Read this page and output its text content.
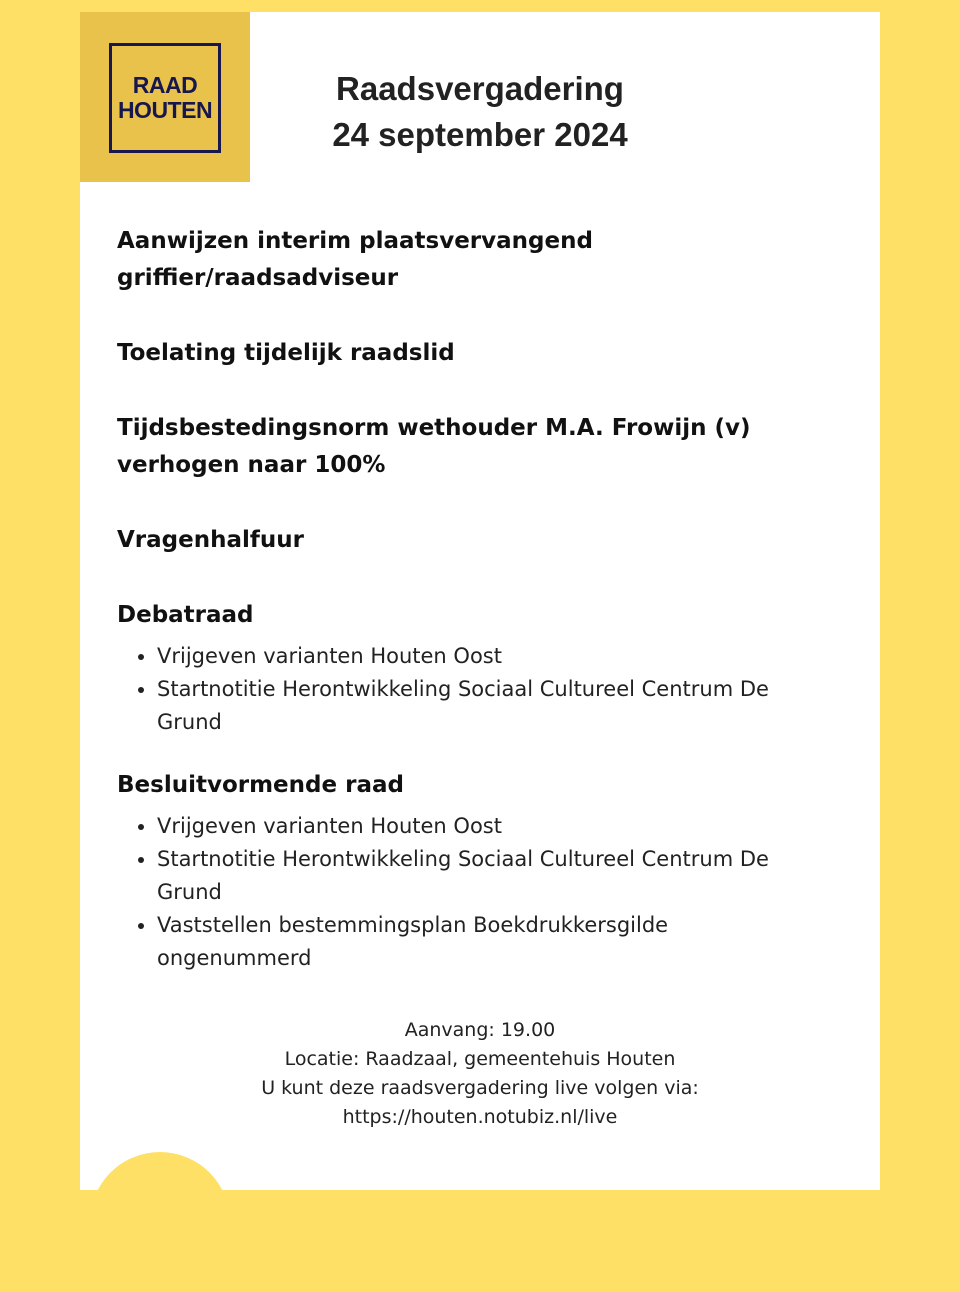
RAAD
HOUTEN
Raadsvergadering
24 september 2024
Aanwijzen interim plaatsvervangend griffier/raadsadviseur
Toelating tijdelijk raadslid
Tijdsbestedingsnorm wethouder M.A. Frowijn (v) verhogen naar 100%
Vragenhalfuur
Debatraad
• Vrijgeven varianten Houten Oost
• Startnotitie Herontwikkeling Sociaal Cultureel Centrum De Grund
Besluitvormende raad
• Vrijgeven varianten Houten Oost
• Startnotitie Herontwikkeling Sociaal Cultureel Centrum De Grund
• Vaststellen bestemmingsplan Boekdrukkersgilde ongenummerd
Aanvang: 19.00
Locatie: Raadzaal, gemeentehuis Houten
U kunt deze raadsvergadering live volgen via:
https://houten.notubiz.nl/live
